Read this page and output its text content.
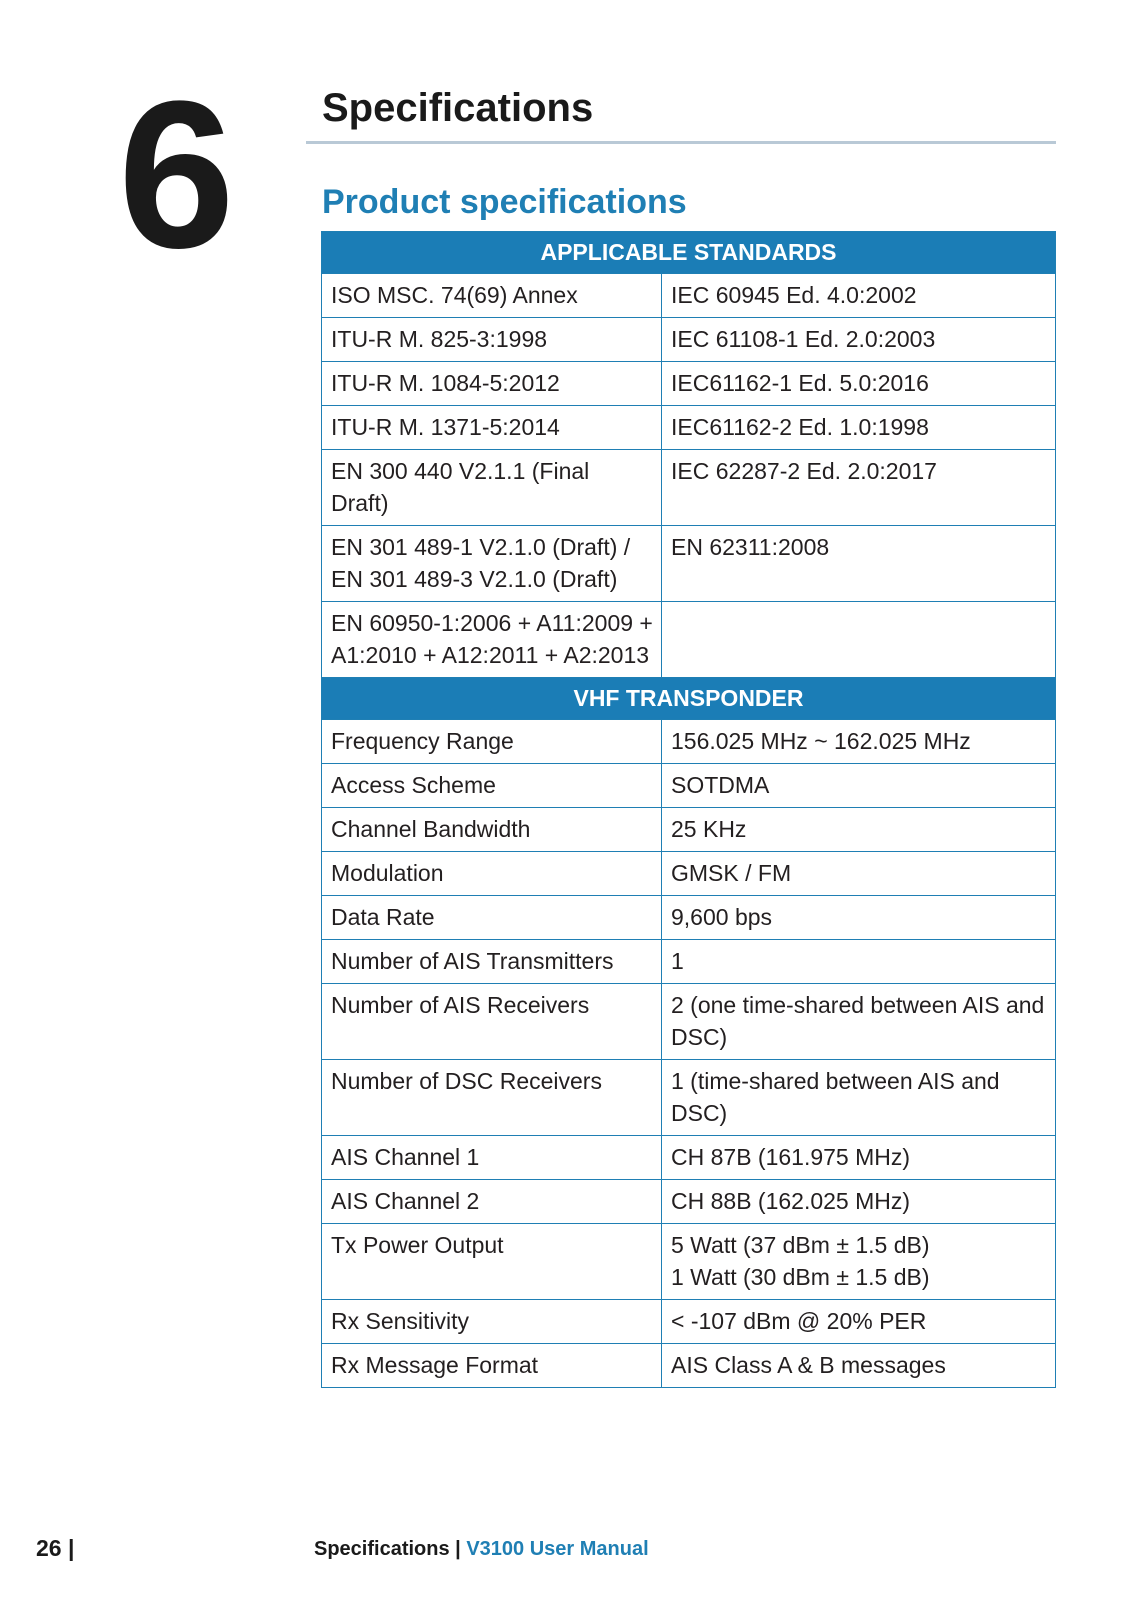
6 Specifications
Product specifications
APPLICABLE STANDARDS	
ISO MSC. 74(69) Annex	IEC 60945 Ed. 4.0:2002
ITU-R M. 825-3:1998	IEC 61108-1 Ed. 2.0:2003
ITU-R M. 1084-5:2012	IEC61162-1 Ed. 5.0:2016
ITU-R M. 1371-5:2014	IEC61162-2 Ed. 1.0:1998
EN 300 440 V2.1.1 (Final Draft)	IEC 62287-2 Ed. 2.0:2017
EN 301 489-1 V2.1.0 (Draft) /
EN 301 489-3 V2.1.0 (Draft)	EN 62311:2008
EN 60950-1:2006 + A11:2009 +
A1:2010 + A12:2011 + A2:2013	
VHF TRANSPONDER	
Frequency Range	156.025 MHz ~ 162.025 MHz
Access Scheme	SOTDMA
Channel Bandwidth	25 KHz
Modulation	GMSK / FM
Data Rate	9,600 bps
Number of AIS Transmitters	1
Number of AIS Receivers	2 (one time-shared between AIS and DSC)
Number of DSC Receivers	1 (time-shared between AIS and DSC)
AIS Channel 1	CH 87B (161.975 MHz)
AIS Channel 2	CH 88B (162.025 MHz)
Tx Power Output	5 Watt (37 dBm ± 1.5 dB)
1 Watt (30 dBm ± 1.5 dB)
Rx Sensitivity	< -107 dBm @ 20% PER
Rx Message Format	AIS Class A & B messages
26 |	Specifications | V3100 User Manual
